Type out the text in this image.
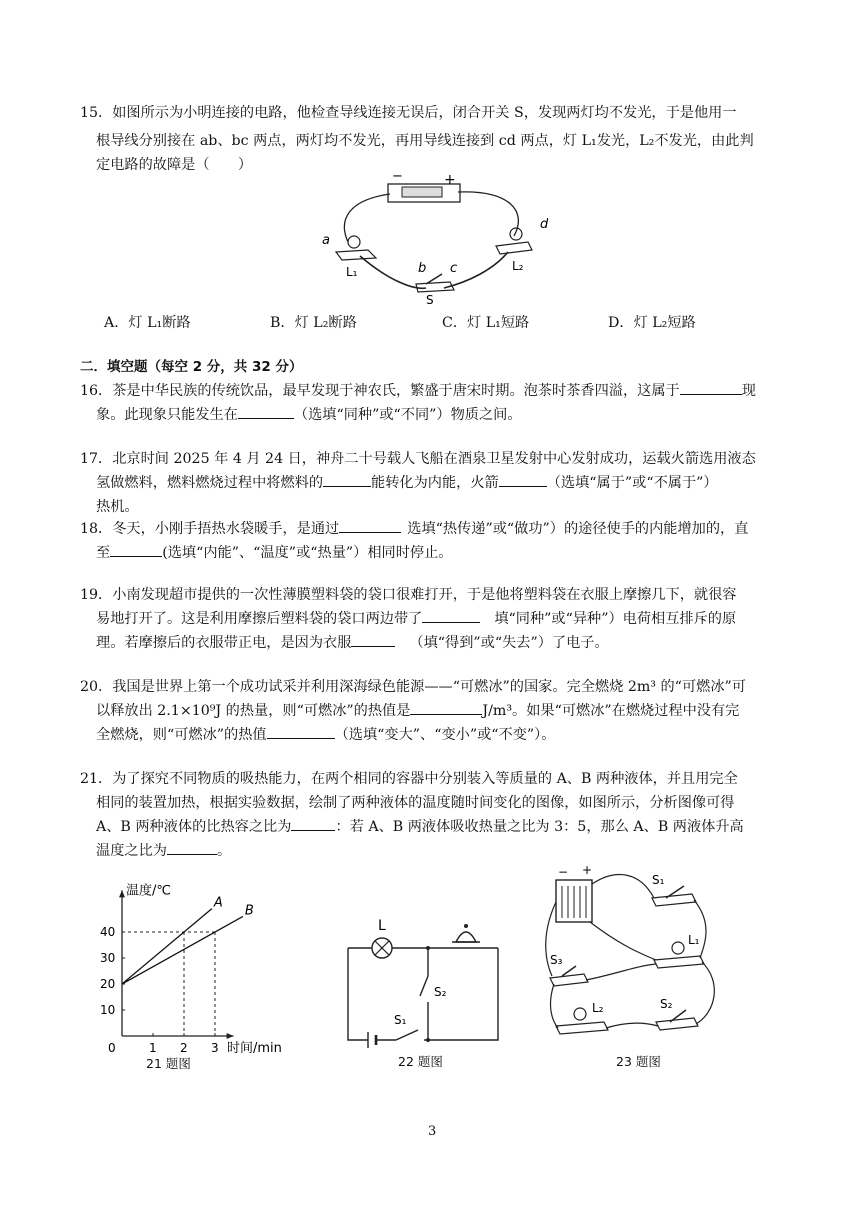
15．如图所示为小明连接的电路，他检查导线连接无误后，闭合开关 S，发现两灯均不发光，于是他用一
根导线分别接在 ab、bc 两点，两灯均不发光，再用导线连接到 cd 两点，灯 L₁发光，L₂不发光，由此判
定电路的故障是（　　）
−	+
a
b c
d
L₁	L₂
S
A．灯 L₁断路	B．灯 L₂断路	C．灯 L₁短路	D．灯 L₂短路
二．填空题（每空 2 分，共 32 分）
16．茶是中华民族的传统饮品，最早发现于神农氏，繁盛于唐宋时期。泡茶时茶香四溢，这属于	现
象。此现象只能发生在	（选填“同种”或“不同”）物质之间。
17．北京时间 2025 年 4 月 24 日，神舟二十号载人飞船在酒泉卫星发射中心发射成功，运载火箭选用液态
氢做燃料，燃料燃烧过程中将燃料的	能转化为内能，火箭	（选填“属于”或“不属于”）
热机。
18．冬天，小刚手捂热水袋暖手，是通过	选填“热传递”或“做功”）的途径使手的内能增加的，直
至	(选填“内能”、“温度”或“热量”）相同时停止。
19．小南发现超市提供的一次性薄膜塑料袋的袋口很难打开，于是他将塑料袋在衣服上摩擦几下，就很容
易地打开了。这是利用摩擦后塑料袋的袋口两边带了	填“同种”或“异种”）电荷相互排斥的原
理。若摩擦后的衣服带正电，是因为衣服	（填“得到”或“失去”）了电子。
20．我国是世界上第一个成功试采并利用深海绿色能源——“可燃冰”的国家。完全燃烧 2m³ 的“可燃冰”可
以释放出 2.1×10⁹J 的热量，则“可燃冰”的热值是	J/m³。如果“可燃冰”在燃烧过程中没有完
全燃烧，则“可燃冰”的热值	（选填“变大”、“变小”或“不变”）。
21．为了探究不同物质的吸热能力，在两个相同的容器中分别装入等质量的 A、B 两种液体，并且用完全
相同的装置加热，根据实验数据，绘制了两种液体的温度随时间变化的图像，如图所示，分析图像可得
A、B 两种液体的比热容之比为	：若 A、B 两液体吸收热量之比为 3：5，那么 A、B 两液体升高
温度之比为	。
1 2 3
10
20
30
40
0
温度/℃
时间/min
A
B
21 题图
L
S₂
S₁
22 题图
− +
S₁
L₁
S₃
L₂	S₂
23 题图
3
